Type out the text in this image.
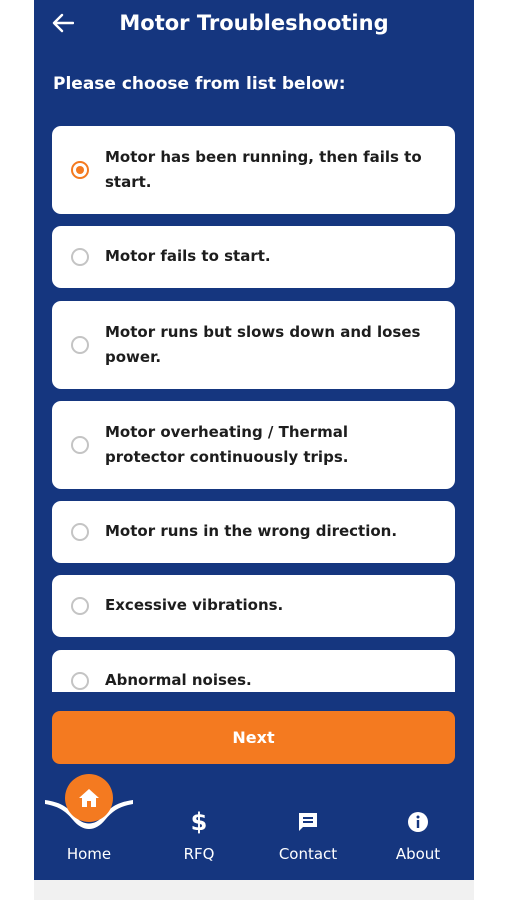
Motor Troubleshooting
Please choose from list below:
Motor has been running, then fails to start.
Motor fails to start.
Motor runs but slows down and loses power.
Motor overheating / Thermal protector continuously trips.
Motor runs in the wrong direction.
Excessive vibrations.
Abnormal noises.
Next
Home
$
RFQ	Contact	About
